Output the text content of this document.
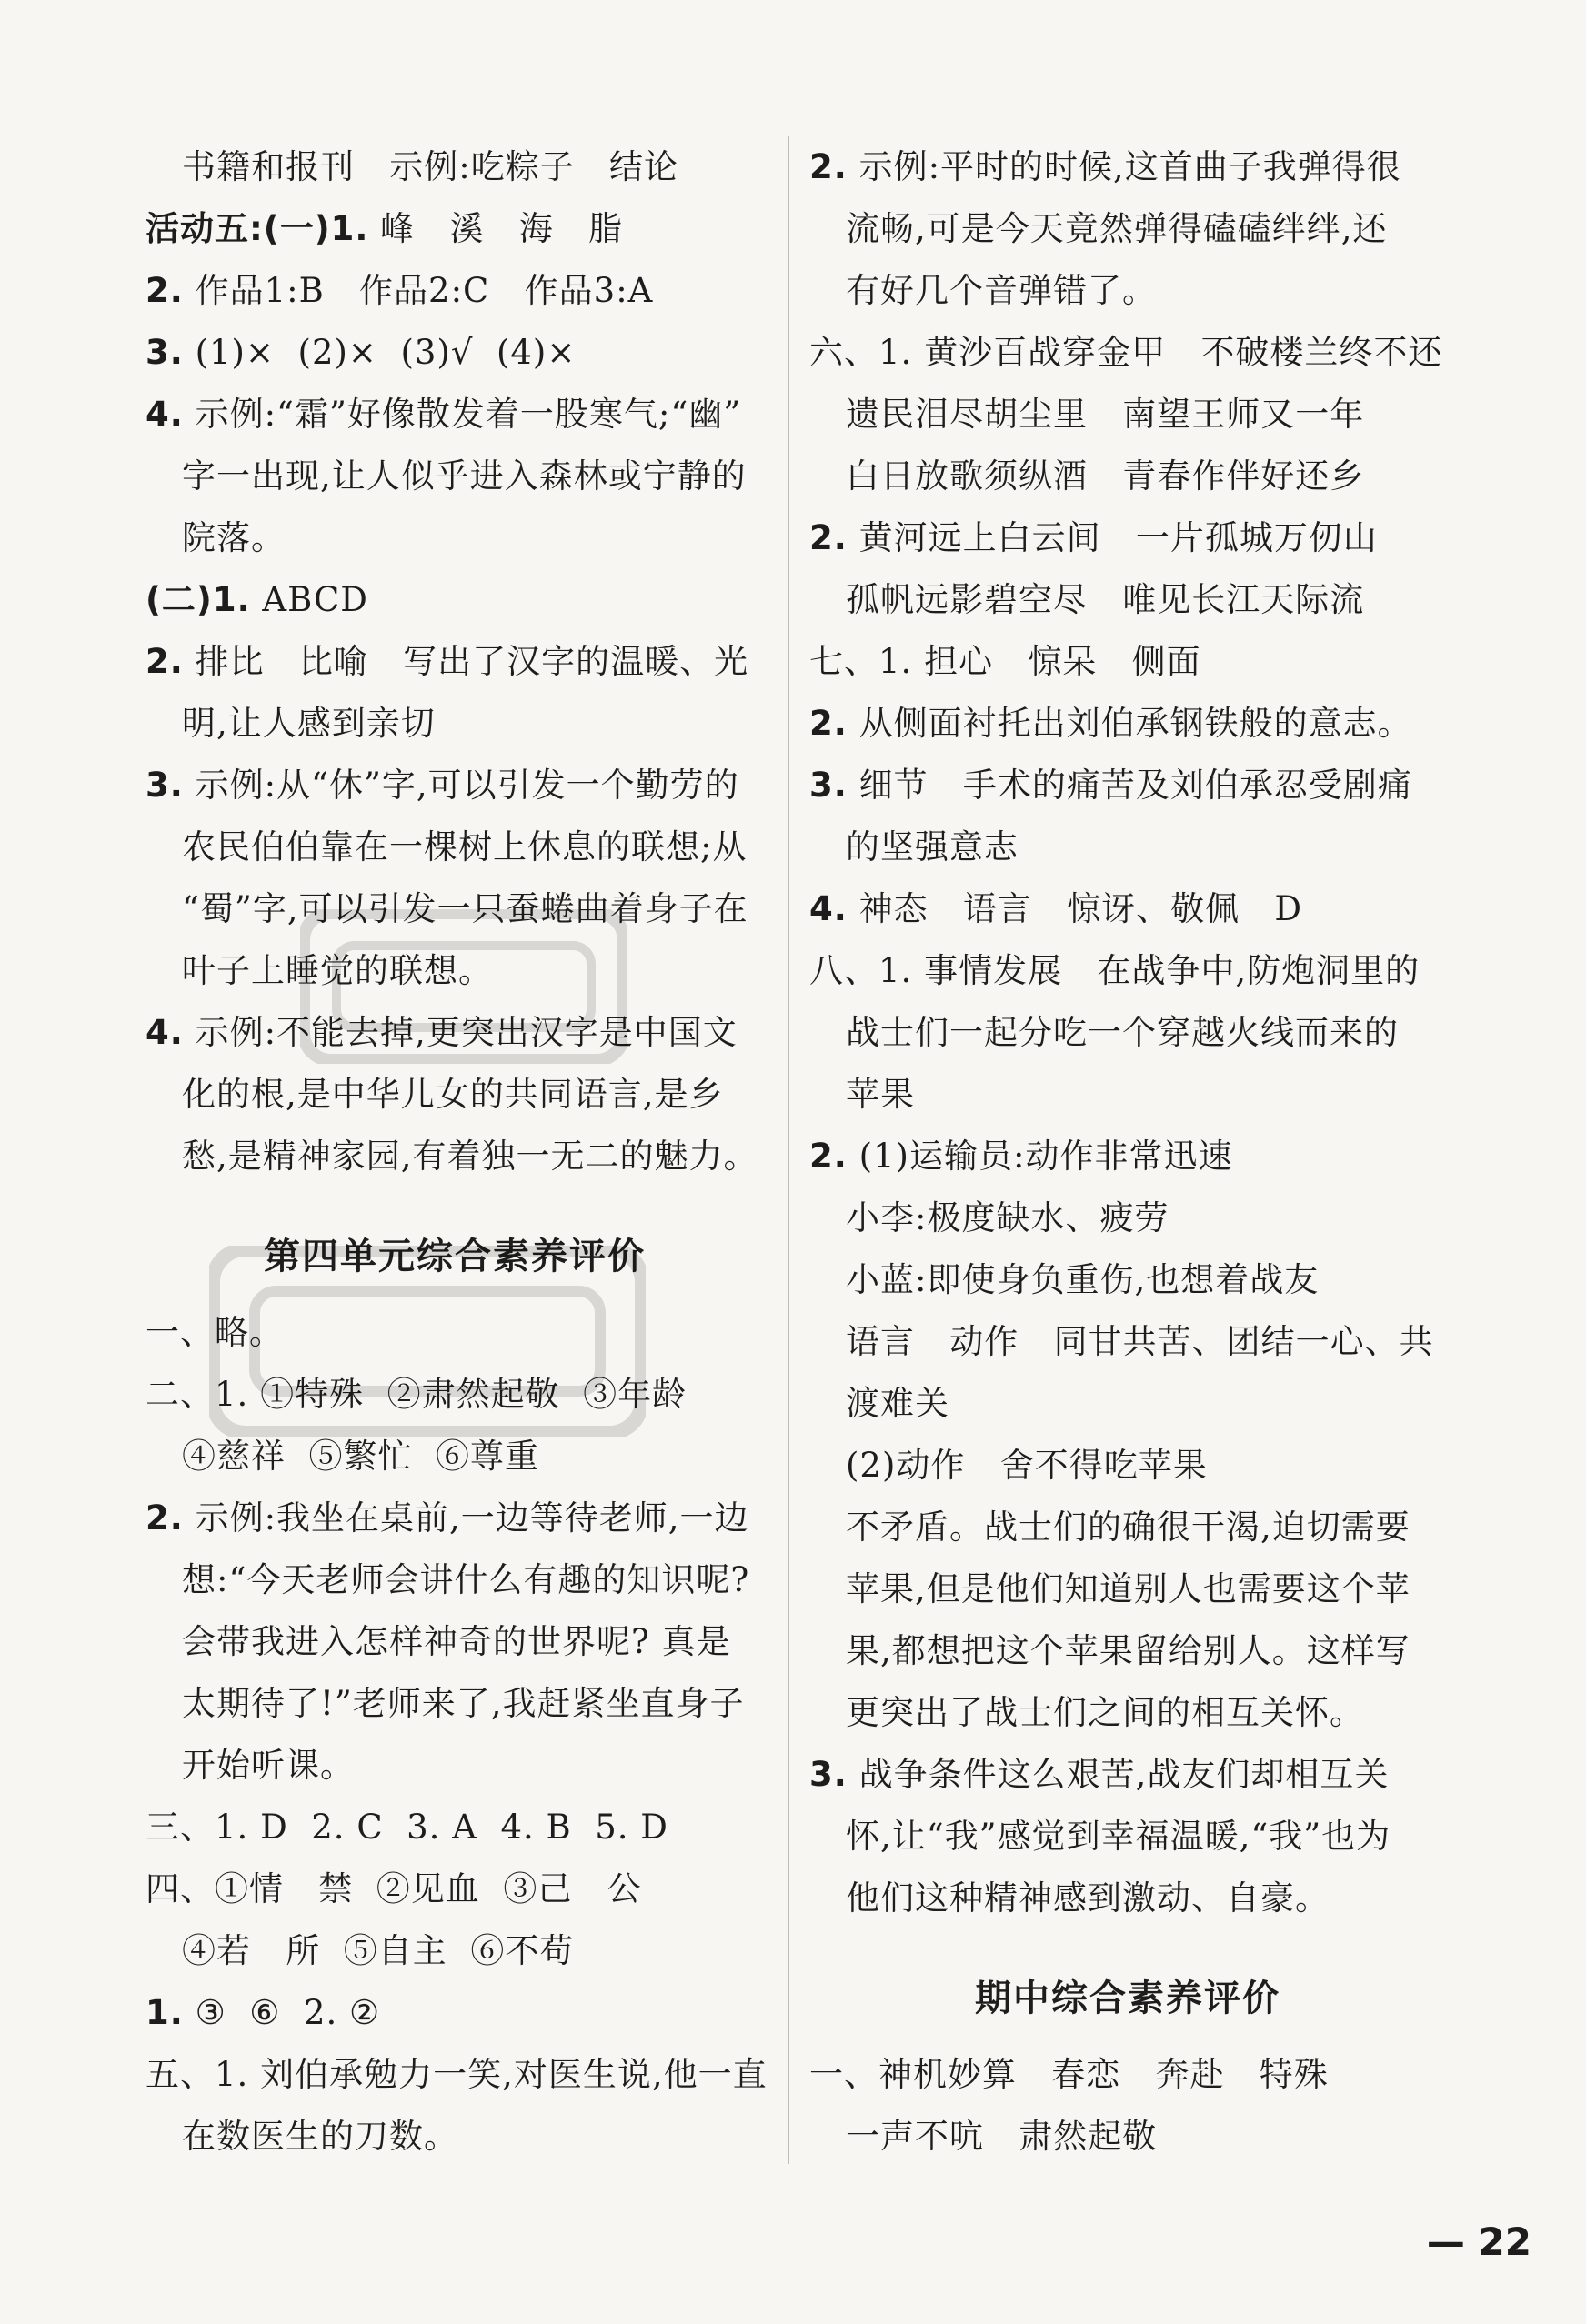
书籍和报刊   示例:吃粽子   结论
活动五:(一)1. 峰   溪   海   脂
2. 作品1:B   作品2:C   作品3:A
3. (1)×  (2)×  (3)√  (4)×
4. 示例:“霜”好像散发着一股寒气;“幽”
字一出现,让人似乎进入森林或宁静的
院落。
(二)1. ABCD
2. 排比   比喻   写出了汉字的温暖、光
明,让人感到亲切
3. 示例:从“休”字,可以引发一个勤劳的
农民伯伯靠在一棵树上休息的联想;从
“蜀”字,可以引发一只蚕蜷曲着身子在
叶子上睡觉的联想。
4. 示例:不能去掉,更突出汉字是中国文
化的根,是中华儿女的共同语言,是乡
愁,是精神家园,有着独一无二的魅力。
第四单元综合素养评价
一、略。
二、1. ①特殊  ②肃然起敬  ③年龄
④慈祥  ⑤繁忙  ⑥尊重
2. 示例:我坐在桌前,一边等待老师,一边
想:“今天老师会讲什么有趣的知识呢?
会带我进入怎样神奇的世界呢? 真是
太期待了!”老师来了,我赶紧坐直身子
开始听课。
三、1. D  2. C  3. A  4. B  5. D
四、①情   禁  ②见血  ③己   公
④若   所  ⑤自主  ⑥不苟
1. ③  ⑥  2. ②
五、1. 刘伯承勉力一笑,对医生说,他一直
在数医生的刀数。
2. 示例:平时的时候,这首曲子我弹得很
流畅,可是今天竟然弹得磕磕绊绊,还
有好几个音弹错了。
六、1. 黄沙百战穿金甲   不破楼兰终不还
遗民泪尽胡尘里   南望王师又一年
白日放歌须纵酒   青春作伴好还乡
2. 黄河远上白云间   一片孤城万仞山
孤帆远影碧空尽   唯见长江天际流
七、1. 担心   惊呆   侧面
2. 从侧面衬托出刘伯承钢铁般的意志。
3. 细节   手术的痛苦及刘伯承忍受剧痛
的坚强意志
4. 神态   语言   惊讶、敬佩   D
八、1. 事情发展   在战争中,防炮洞里的
战士们一起分吃一个穿越火线而来的
苹果
2. (1)运输员:动作非常迅速
小李:极度缺水、疲劳
小蓝:即使身负重伤,也想着战友
语言   动作   同甘共苦、团结一心、共
渡难关
(2)动作   舍不得吃苹果
不矛盾。战士们的确很干渴,迫切需要
苹果,但是他们知道别人也需要这个苹
果,都想把这个苹果留给别人。这样写
更突出了战士们之间的相互关怀。
3. 战争条件这么艰苦,战友们却相互关
怀,让“我”感觉到幸福温暖,“我”也为
他们这种精神感到激动、自豪。
期中综合素养评价
一、神机妙算   春恋   奔赴   特殊
一声不吭   肃然起敬
— 22
